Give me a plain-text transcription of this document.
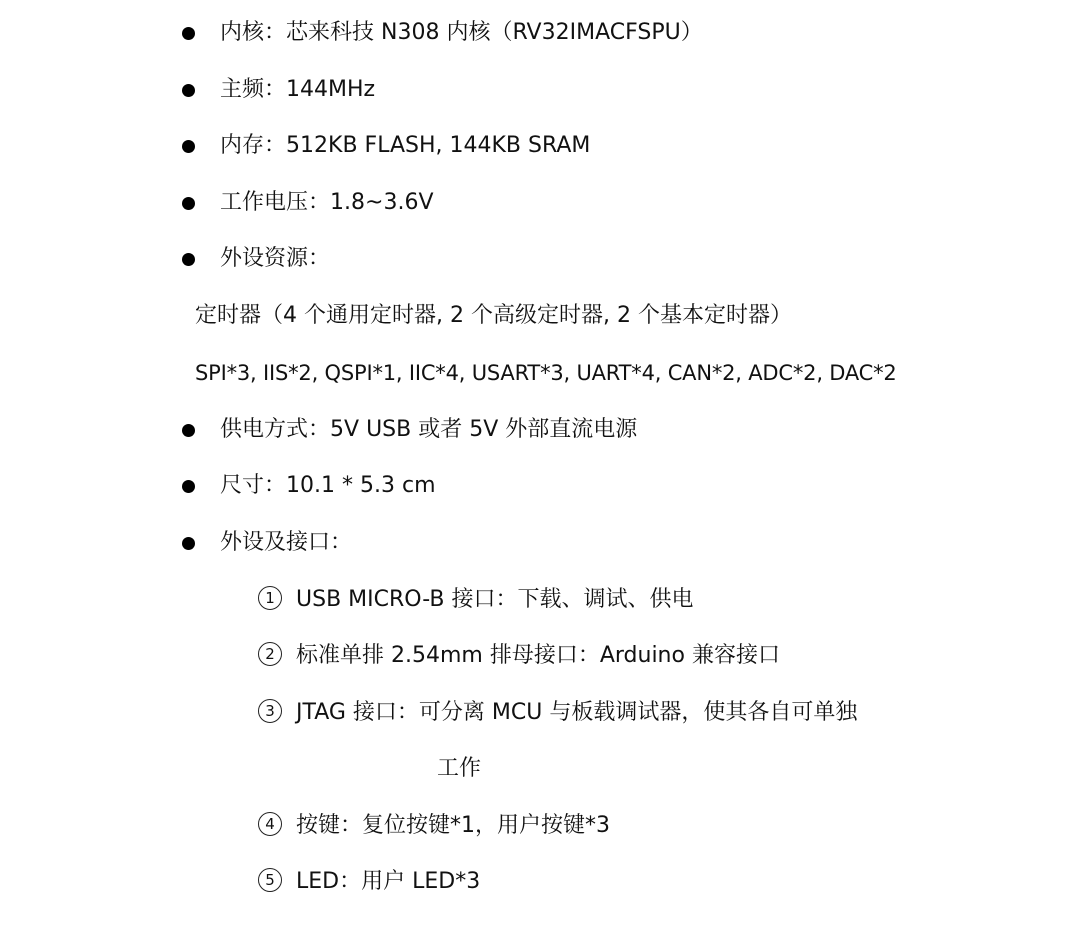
内核：芯来科技 N308 内核（RV32IMACFSPU）
主频：144MHz
内存：512KB FLASH, 144KB SRAM
工作电压：1.8~3.6V
外设资源：
定时器（4 个通用定时器, 2 个高级定时器, 2 个基本定时器）
SPI*3, IIS*2, QSPI*1, IIC*4, USART*3, UART*4, CAN*2, ADC*2, DAC*2
供电方式：5V USB 或者 5V 外部直流电源
尺寸：10.1 * 5.3 cm
外设及接口：
1 USB MICRO-B 接口：下载、调试、供电
2 标准单排 2.54mm 排母接口：Arduino 兼容接口
3 JTAG 接口：可分离 MCU 与板载调试器，使其各自可单独
工作
4 按键：复位按键*1，用户按键*3
5 LED：用户 LED*3
